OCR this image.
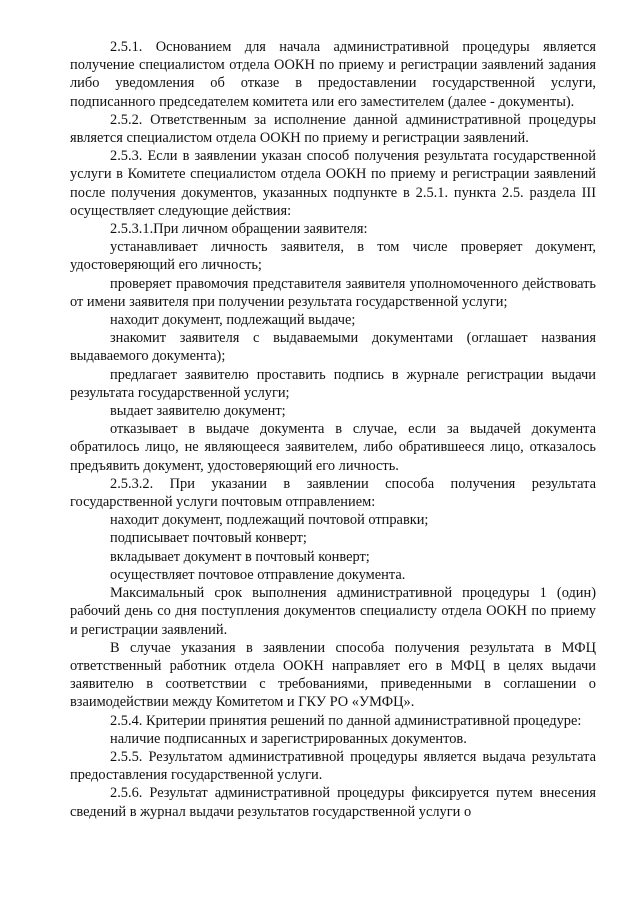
2.5.1. Основанием для начала административной процедуры является получение специалистом отдела ООКН по приему и регистрации заявлений задания либо уведомления об отказе в предоставлении государственной услуги, подписанного председателем комитета или его заместителем (далее - документы).

2.5.2. Ответственным за исполнение данной административной процедуры является специалистом отдела ООКН по приему и регистрации заявлений.

2.5.3. Если в заявлении указан способ получения результата государственной услуги в Комитете специалистом отдела ООКН по приему и регистрации заявлений после получения документов, указанных подпункте в 2.5.1. пункта 2.5. раздела III осуществляет следующие действия:

2.5.3.1.При личном обращении заявителя:

устанавливает личность заявителя, в том числе проверяет документ, удостоверяющий его личность;

проверяет правомочия представителя заявителя уполномоченного действовать от имени заявителя при получении результата государственной услуги;

находит документ, подлежащий выдаче;

знакомит заявителя с выдаваемыми документами (оглашает названия выдаваемого документа);

предлагает заявителю проставить подпись в журнале регистрации выдачи результата государственной услуги;

выдает заявителю документ;

отказывает в выдаче документа в случае, если за выдачей документа обратилось лицо, не являющееся заявителем, либо обратившееся лицо, отказалось предъявить документ, удостоверяющий его личность.

2.5.3.2. При указании в заявлении способа получения результата государственной услуги почтовым отправлением:

находит документ, подлежащий почтовой отправки;

подписывает почтовый конверт;

вкладывает документ в почтовый конверт;

осуществляет почтовое отправление документа.

Максимальный срок выполнения административной процедуры 1 (один) рабочий день со дня поступления документов специалисту отдела ООКН по приему и регистрации заявлений.

В случае указания в заявлении способа получения результата в МФЦ ответственный работник отдела ООКН направляет его в МФЦ в целях выдачи заявителю в соответствии с требованиями, приведенными в соглашении о взаимодействии между Комитетом и ГКУ РО «УМФЦ».

2.5.4. Критерии принятия решений по данной административной процедуре:

наличие подписанных и зарегистрированных документов.

2.5.5. Результатом административной процедуры является выдача результата предоставления государственной услуги.

2.5.6. Результат административной процедуры фиксируется путем внесения сведений в журнал выдачи результатов государственной услуги о
